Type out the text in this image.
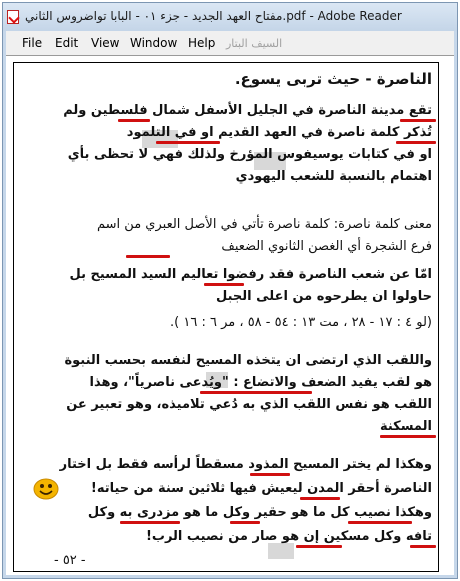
مفتاح العهد الجديد - جزء ٠١ - البابا تواضروس الثاني.pdf - Adobe Reader
File Edit View Window Help السيف البتار
الناصرة - حيث تربى يسوع.
تقع مدينة الناصرة في الجليل الأسفل شمال فلسطين ولم
تُذكر كلمة ناصرة في العهد القديم او في التلمود
او في كتابات يوسيفوس المؤرخ ولذلك فهي لا تحظى بأي
اهتمام بالنسبة للشعب اليهودي
معنى كلمة ناصرة: كلمة ناصرة تأتي في الأصل العبري من اسم
فرع الشجرة أي الغصن الثانوي الضعيف
امّا عن شعب الناصرة فقد رفضوا تعاليم السيد المسيح بل
حاولوا ان يطرحوه من اعلى الجبل
(لو ٤ : ١٧ - ٢٨ ، مت ١٣ : ٥٤ - ٥٨ ، مر ٦ : ١٦ ).
واللقب الذي ارتضى ان يتخذه المسيح لنفسه بحسب النبوة
هو لقب يفيد الضعف والاتضاع : "ويُدعى ناصرياً"، وهذا
اللقب هو نفس اللقب الذي به دُعي تلاميذه، وهو تعبير عن
المسكنة
وهكذا لم يختر المسيح المذود مسقطاً لرأسه فقط بل اختار
الناصرة أحقر المدن ليعيش فيها ثلاثين سنة من حياته!
وهكذا نصيب كل ما هو حقير وكل ما هو مزدرى به وكل
تافه وكل مسكين إن هو صار من نصيب الرب!
- ٥٢ -
